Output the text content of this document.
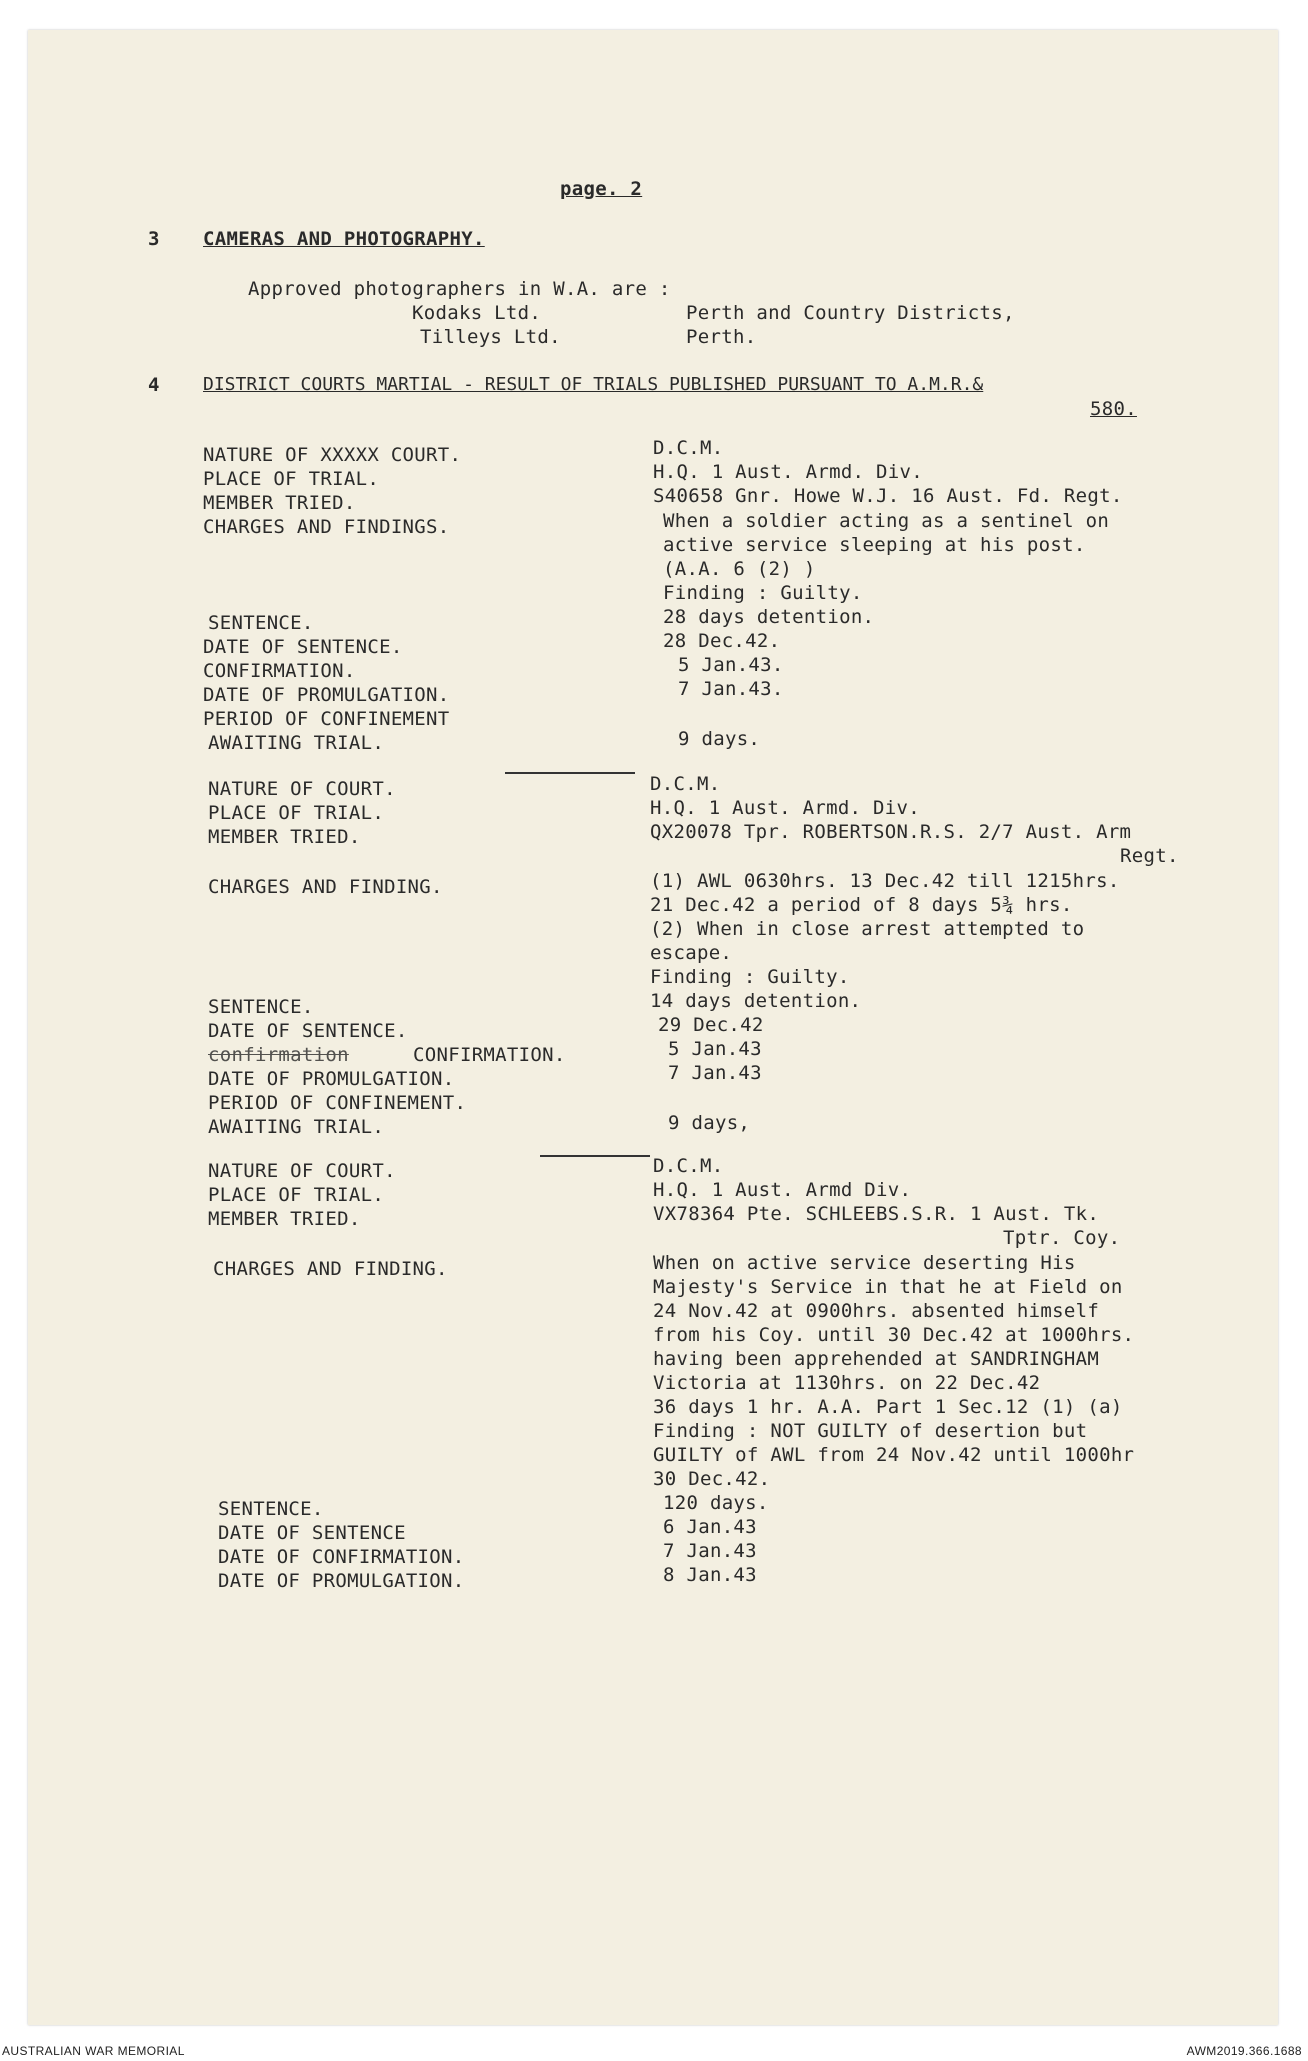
page. 2
3 CAMERAS AND PHOTOGRAPHY.
Approved photographers in W.A. are :
Kodaks Ltd.	Perth and Country Districts,
Tilleys Ltd.	Perth.
4 DISTRICT COURTS MARTIAL - RESULT OF TRIALS PUBLISHED PURSUANT TO A.M.R.&
580.
NATURE OF XXXXX COURT.	D.C.M.
PLACE OF TRIAL.	H.Q. 1 Aust. Armd. Div.
MEMBER TRIED.	S40658 Gnr. Howe W.J. 16 Aust. Fd. Regt.
CHARGES AND FINDINGS.	When a soldier acting as a sentinel on
active service sleeping at his post.
(A.A. 6 (2) )
Finding : Guilty.
SENTENCE.	28 days detention.
DATE OF SENTENCE.	28 Dec.42.
CONFIRMATION.	5 Jan.43.
DATE OF PROMULGATION.	7 Jan.43.
PERIOD OF CONFINEMENT
AWAITING TRIAL.	9 days.
NATURE OF COURT.	D.C.M.
PLACE OF TRIAL.	H.Q. 1 Aust. Armd. Div.
MEMBER TRIED.	QX20078 Tpr. ROBERTSON.R.S. 2/7 Aust. Arm
Regt.
CHARGES AND FINDING.	(1) AWL 0630hrs. 13 Dec.42 till 1215hrs.
21 Dec.42 a period of 8 days 5¾ hrs.
(2) When in close arrest attempted to
escape.
Finding : Guilty.
SENTENCE.	14 days detention.
DATE OF SENTENCE.	29 Dec.42
confirmation	CONFIRMATION.	5 Jan.43
DATE OF PROMULGATION.	7 Jan.43
PERIOD OF CONFINEMENT.
AWAITING TRIAL.	9 days,
NATURE OF COURT.	D.C.M.
PLACE OF TRIAL.	H.Q. 1 Aust. Armd Div.
MEMBER TRIED.	VX78364 Pte. SCHLEEBS.S.R. 1 Aust. Tk.
Tptr. Coy.
CHARGES AND FINDING.	When on active service deserting His
Majesty's Service in that he at Field on
24 Nov.42 at 0900hrs. absented himself
from his Coy. until 30 Dec.42 at 1000hrs.
having been apprehended at SANDRINGHAM
Victoria at 1130hrs. on 22 Dec.42
36 days 1 hr. A.A. Part 1 Sec.12 (1) (a)
Finding : NOT GUILTY of desertion but
GUILTY of AWL from 24 Nov.42 until 1000hr
30 Dec.42.
SENTENCE.	120 days.
DATE OF SENTENCE	6 Jan.43
DATE OF CONFIRMATION.	7 Jan.43
DATE OF PROMULGATION.	8 Jan.43
AUSTRALIAN WAR MEMORIAL	AWM2019.366.1688
